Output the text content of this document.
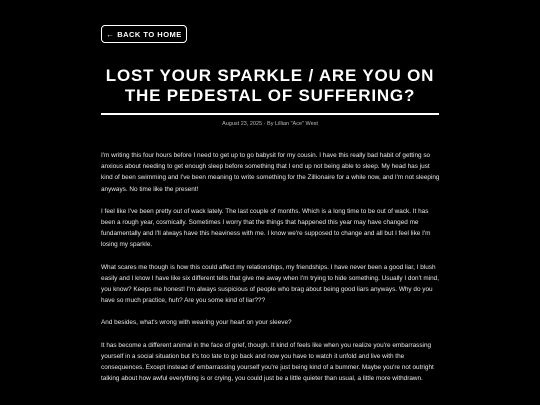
← BACK TO HOME
LOST YOUR SPARKLE / ARE YOU ON THE PEDESTAL OF SUFFERING?
August 23, 2025 · By Lillian "Ace" West

I'm writing this four hours before I need to get up to go babysit for my cousin. I have this really bad habit of getting so anxious about needing to get enough sleep before something that I end up not being able to sleep. My head has just kind of been swimming and I've been meaning to write something for the Zillionaire for a while now, and I'm not sleeping anyways. No time like the present!

I feel like I've been pretty out of wack lately. The last couple of months. Which is a long time to be out of wack. It has been a rough year, cosmically. Sometimes I worry that the things that happened this year may have changed me fundamentally and I'll always have this heaviness with me. I know we're supposed to change and all but I feel like I'm losing my sparkle.

What scares me though is how this could affect my relationships, my friendships. I have never been a good liar, I blush easily and I know I have like six different tells that give me away when I'm trying to hide something. Usually I don't mind, you know? Keeps me honest! I'm always suspicious of people who brag about being good liars anyways. Why do you have so much practice, huh? Are you some kind of liar???

And besides, what's wrong with wearing your heart on your sleeve?

It has become a different animal in the face of grief, though. It kind of feels like when you realize you're embarrassing yourself in a social situation but it's too late to go back and now you have to watch it unfold and live with the consequences. Except instead of embarrassing yourself you're just being kind of a bummer. Maybe you're not outright talking about how awful everything is or crying, you could just be a little quieter than usual, a little more withdrawn.
